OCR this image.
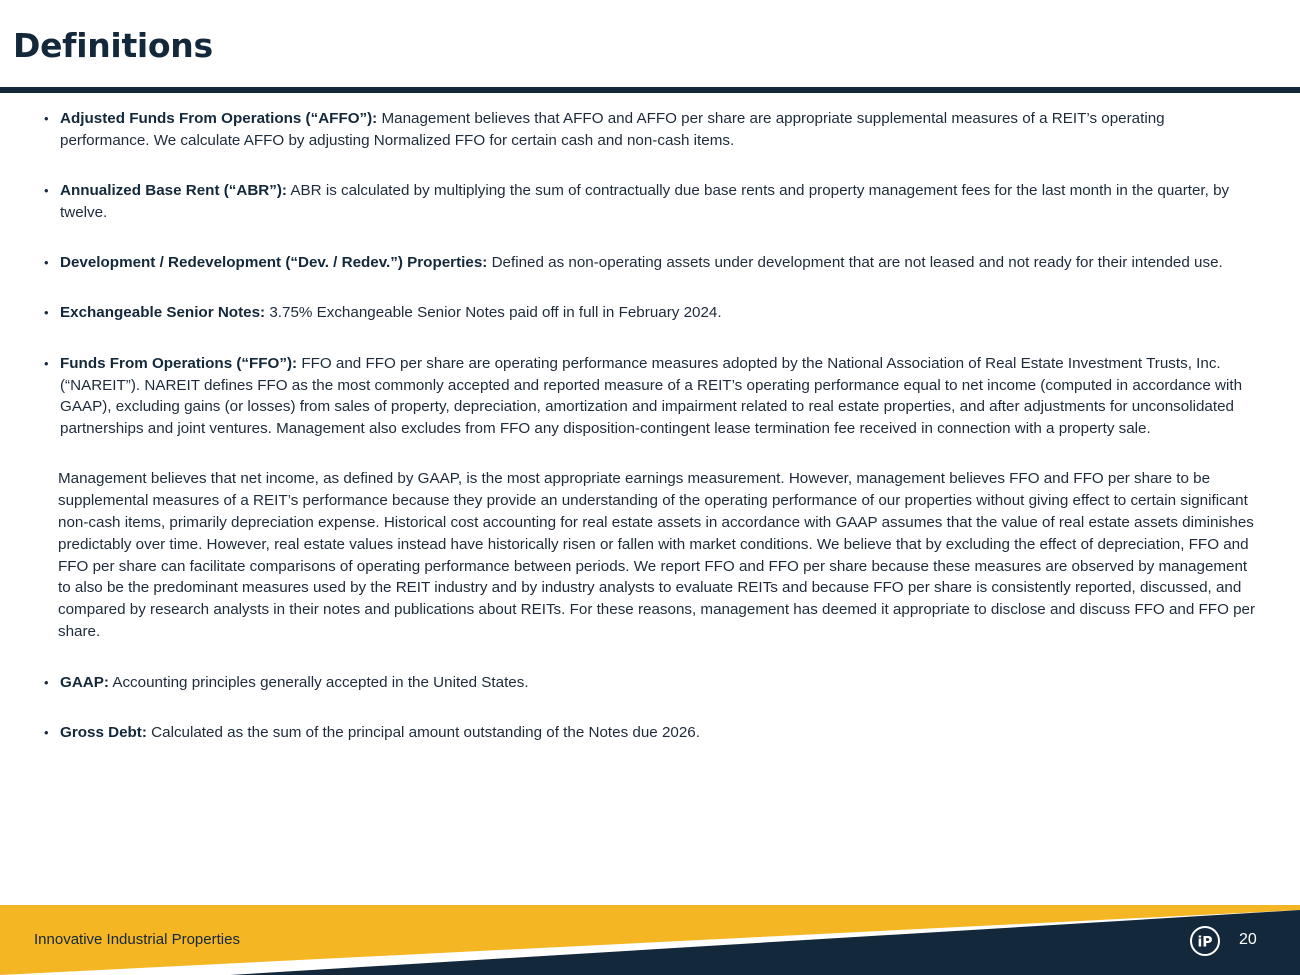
Definitions
• Adjusted Funds From Operations (“AFFO”): Management believes that AFFO and AFFO per share are appropriate supplemental measures of a REIT’s operating performance. We calculate AFFO by adjusting Normalized FFO for certain cash and non-cash items.
• Annualized Base Rent (“ABR”): ABR is calculated by multiplying the sum of contractually due base rents and property management fees for the last month in the quarter, by twelve.
• Development / Redevelopment (“Dev. / Redev.”) Properties: Defined as non-operating assets under development that are not leased and not ready for their intended use.
• Exchangeable Senior Notes: 3.75% Exchangeable Senior Notes paid off in full in February 2024.
• Funds From Operations (“FFO”): FFO and FFO per share are operating performance measures adopted by the National Association of Real Estate Investment Trusts, Inc. (“NAREIT”). NAREIT defines FFO as the most commonly accepted and reported measure of a REIT’s operating performance equal to net income (computed in accordance with GAAP), excluding gains (or losses) from sales of property, depreciation, amortization and impairment related to real estate properties, and after adjustments for unconsolidated partnerships and joint ventures. Management also excludes from FFO any disposition-contingent lease termination fee received in connection with a property sale.
Management believes that net income, as defined by GAAP, is the most appropriate earnings measurement. However, management believes FFO and FFO per share to be supplemental measures of a REIT’s performance because they provide an understanding of the operating performance of our properties without giving effect to certain significant non-cash items, primarily depreciation expense. Historical cost accounting for real estate assets in accordance with GAAP assumes that the value of real estate assets diminishes predictably over time. However, real estate values instead have historically risen or fallen with market conditions. We believe that by excluding the effect of depreciation, FFO and FFO per share can facilitate comparisons of operating performance between periods. We report FFO and FFO per share because these measures are observed by management to also be the predominant measures used by the REIT industry and by industry analysts to evaluate REITs and because FFO per share is consistently reported, discussed, and compared by research analysts in their notes and publications about REITs. For these reasons, management has deemed it appropriate to disclose and discuss FFO and FFO per share.
• GAAP: Accounting principles generally accepted in the United States.
• Gross Debt: Calculated as the sum of the principal amount outstanding of the Notes due 2026.
Innovative Industrial Properties	iP 20
